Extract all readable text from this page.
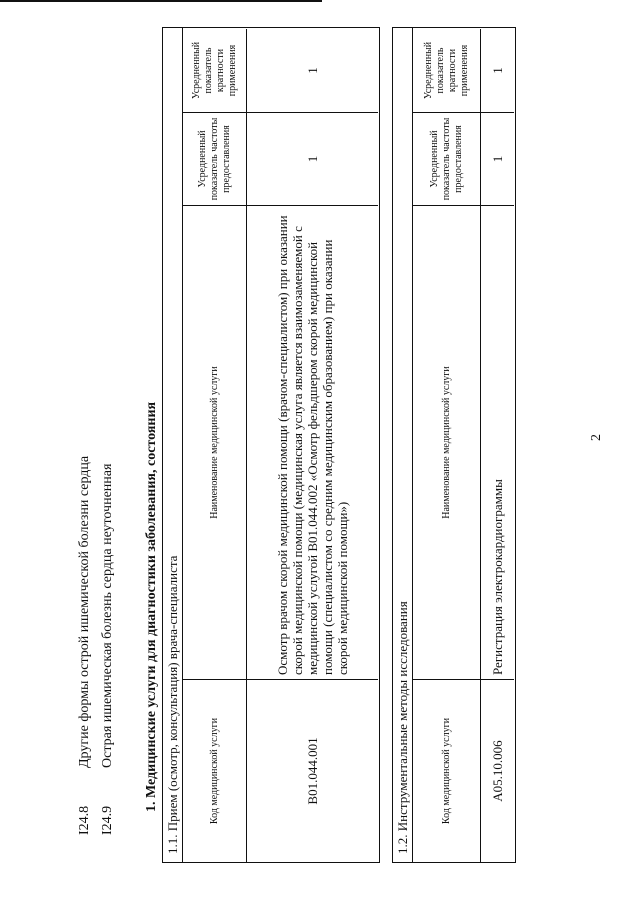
2
I24.8
Другие формы острой ишемической болезни сердца
I24.9
Острая ишемическая болезнь сердца неуточненная 1. Медицинские услуги для диагностики заболевания, состояния 1.1. Прием (осмотр, консультация) врача-специалиста	Код медицинской услуги
Наименование медицинской услуги
Усредненный показатель частоты предоставления
Усредненный показатель кратности применения
B01.044.001
Осмотр врачом скорой медицинской помощи (врачом-специалистом) при оказании скорой медицинской помощи (медицинская услуга является взаимозаменяемой с медицинской услугой B01.044.002 «Осмотр фельдшером скорой медицинской помощи (специалистом со средним медицинским образованием) при оказании скорой медицинской помощи»)
1
1
1.2. Инструментальные методы исследования	Код медицинской услуги
Наименование медицинской услуги
Усредненный показатель частоты предоставления
Усредненный показатель кратности применения
A05.10.006
Регистрация электрокардиограммы
1
1
